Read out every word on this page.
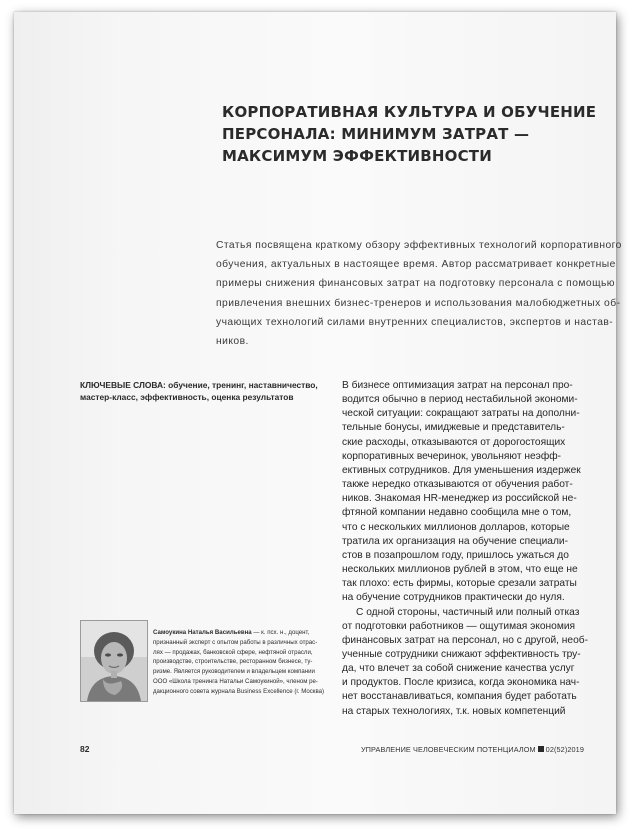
КОРПОРАТИВНАЯ КУЛЬТУРА И ОБУЧЕНИЕ
ПЕРСОНАЛА: МИНИМУМ ЗАТРАТ —
МАКСИМУМ ЭФФЕКТИВНОСТИ

Статья посвящена краткому обзору эффективных технологий корпоративного
обучения, актуальных в настоящее время. Автор рассматривает конкретные
примеры снижения финансовых затрат на подготовку персонала с помощью
привлечения внешних бизнес-тренеров и использования малобюджетных об-
учающих технологий силами внутренних специалистов, экспертов и настав-
ников.

КЛЮЧЕВЫЕ СЛОВА: обучение, тренинг, наставничество,
мастер-класс, эффективность, оценка результатов

В бизнесе оптимизация затрат на персонал про-
водится обычно в период нестабильной экономи-
ческой ситуации: сокращают затраты на дополни-
тельные бонусы, имиджевые и представитель-
ские расходы, отказываются от дорогостоящих
корпоративных вечеринок, увольняют неэфф-
ективных сотрудников. Для уменьшения издержек
также нередко отказываются от обучения работ-
ников. Знакомая HR-менеджер из российской не-
фтяной компании недавно сообщила мне о том,
что с нескольких миллионов долларов, которые
тратила их организация на обучение специали-
стов в позапрошлом году, пришлось ужаться до
нескольких миллионов рублей в этом, что еще не
так плохо: есть фирмы, которые срезали затраты
на обучение сотрудников практически до нуля.
С одной стороны, частичный или полный отказ
от подготовки работников — ощутимая экономия
финансовых затрат на персонал, но с другой, необ-
ученные сотрудники снижают эффективность тру-
да, что влечет за собой снижение качества услуг
и продуктов. После кризиса, когда экономика нач-
нет восстанавливаться, компания будет работать
на старых технологиях, т.к. новых компетенций
Самоукина Наталья Васильевна — к. псх. н., доцент,
признанный эксперт с опытом работы в различных отрас-
лях — продажах, банковской сфере, нефтяной отрасли,
производстве, строительстве, ресторанном бизнесе, ту-
ризме. Является руководителем и владельцем компании
ООО «Школа тренинга Натальи Самоукиной», членом ре-
дакционного совета журнала Business Excellence (г. Москва)
82	УПРАВЛЕНИЕ ЧЕЛОВЕЧЕСКИМ ПОТЕНЦИАЛОМ 02(52)2019
